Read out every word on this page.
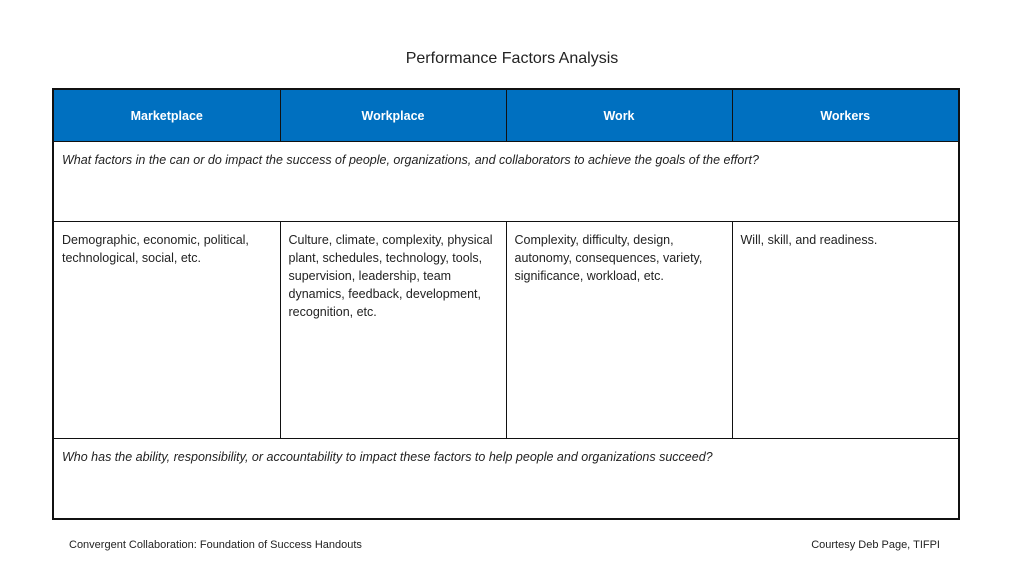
Performance Factors Analysis
Marketplace	Workplace	Work	Workers
What factors in the can or do impact the success of people, organizations, and collaborators to achieve the goals of the effort?			
Demographic, economic, political, technological, social, etc.	Culture, climate, complexity, physical plant, schedules, technology, tools, supervision, leadership, team dynamics, feedback, development, recognition, etc.	Complexity, difficulty, design, autonomy, consequences, variety, significance, workload, etc.	Will, skill, and readiness.
Who has the ability, responsibility, or accountability to impact these factors to help people and organizations succeed?			
Convergent Collaboration: Foundation of Success Handouts	Courtesy Deb Page, TIFPI
